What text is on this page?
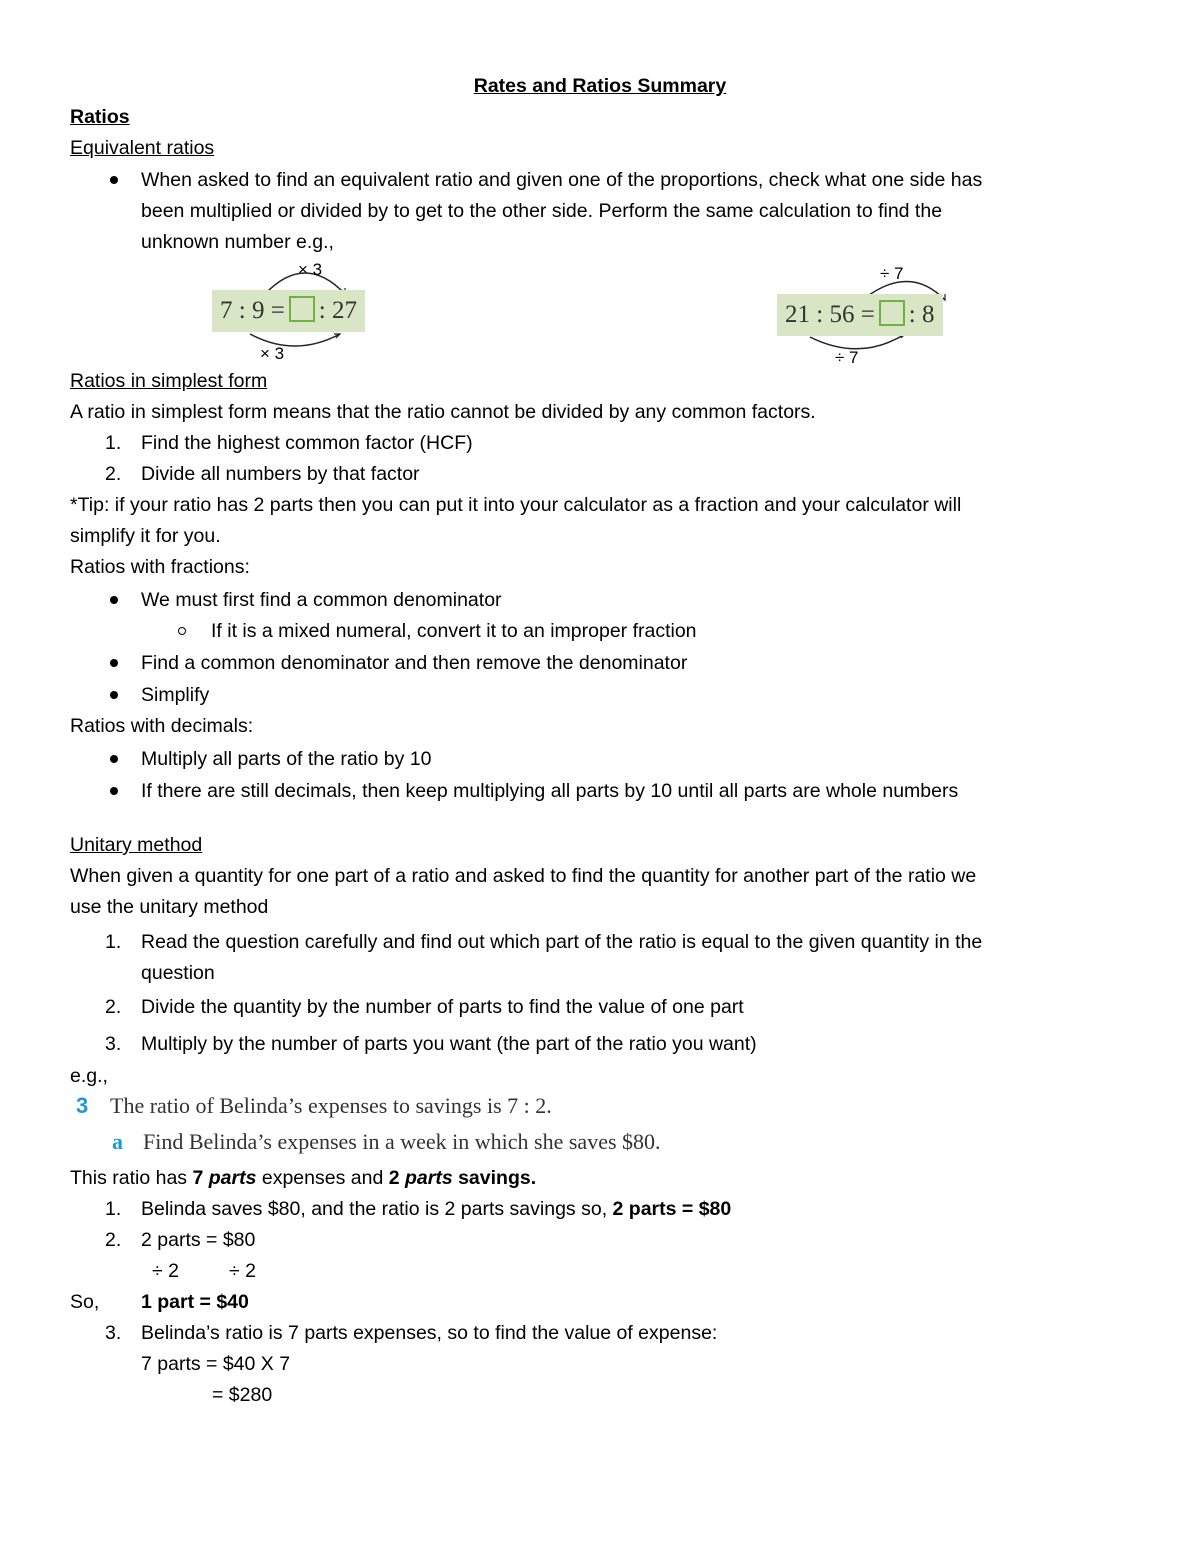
Rates and Ratios Summary
Ratios
Equivalent ratios
When asked to find an equivalent ratio and given one of the proportions, check what one side has
been multiplied or divided by to get to the other side. Perform the same calculation to find the
unknown number e.g.,
× 3
7 : 9 = : 27
× 3
÷ 7
21 : 56 = : 8
÷ 7
Ratios in simplest form
A ratio in simplest form means that the ratio cannot be divided by any common factors.
1. Find the highest common factor (HCF)
2. Divide all numbers by that factor
*Tip: if your ratio has 2 parts then you can put it into your calculator as a fraction and your calculator will
simplify it for you.
Ratios with fractions:
We must first find a common denominator
If it is a mixed numeral, convert it to an improper fraction
Find a common denominator and then remove the denominator
Simplify
Ratios with decimals:
Multiply all parts of the ratio by 10
If there are still decimals, then keep multiplying all parts by 10 until all parts are whole numbers
Unitary method
When given a quantity for one part of a ratio and asked to find the quantity for another part of the ratio we
use the unitary method
1. Read the question carefully and find out which part of the ratio is equal to the given quantity in the
question
2. Divide the quantity by the number of parts to find the value of one part
3. Multiply by the number of parts you want (the part of the ratio you want)
e.g.,
3 The ratio of Belinda’s expenses to savings is 7 : 2.
a Find Belinda’s expenses in a week in which she saves $80.
This ratio has 7 parts expenses and 2 parts savings.
1. Belinda saves $80, and the ratio is 2 parts savings so, 2 parts = $80
2. 2 parts = $80
÷ 2	÷ 2
So, 1 part = $40
3. Belinda’s ratio is 7 parts expenses, so to find the value of expense:
7 parts = $40 X 7
= $280
